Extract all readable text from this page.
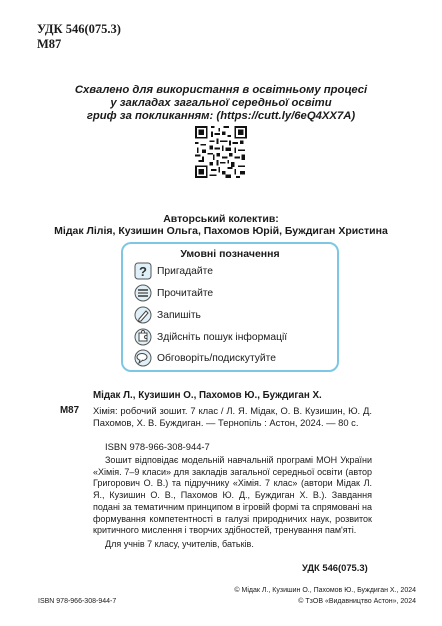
УДК 546(075.3)
М87
Схвалено для використання в освітньому процесі
у закладах загальної середньої освіти
гриф за покликанням: (https://cutt.ly/6eQ4XX7A)
Авторський колектив:
Мідак Лілія, Кузишин Ольга, Пахомов Юрій, Буждиган Христина
Умовні позначення
? Пригадайте
Прочитайте
Запишіть
Здійсніть пошук інформації
Обговоріть/подискутуйте
Мідак Л., Кузишин О., Пахомов Ю., Буждиган Х.
М87 Хімія: робочий зошит. 7 клас / Л. Я. Мідак, О. В. Кузишин, Ю. Д. Пахомов, Х. В. Буждиган. — Тернопіль : Астон, 2024. — 80 с.
ISBN 978-966-308-944-7

Зошит відповідає модельній навчальній програмі МОН України «Хімія. 7–9 класи» для закладів загальної середньої освіти (автор Григорович О. В.) та підручнику «Хімія. 7 клас» (автори Мідак Л. Я., Кузишин О. В., Пахомов Ю. Д., Буждиган Х. В.). Завдання подані за тематичним принципом в ігровій формі та спрямовані на формування компетентності в галузі природничих наук, розвиток критичного мислення і творчих здібностей, тренування пам'яті.

Для учнів 7 класу, учителів, батьків.

УДК 546(075.3)
© Мідак Л., Кузишин О., Пахомов Ю., Буждиган Х., 2024
© ТзОВ «Видавництво Астон», 2024
ISBN 978-966-308-944-7
